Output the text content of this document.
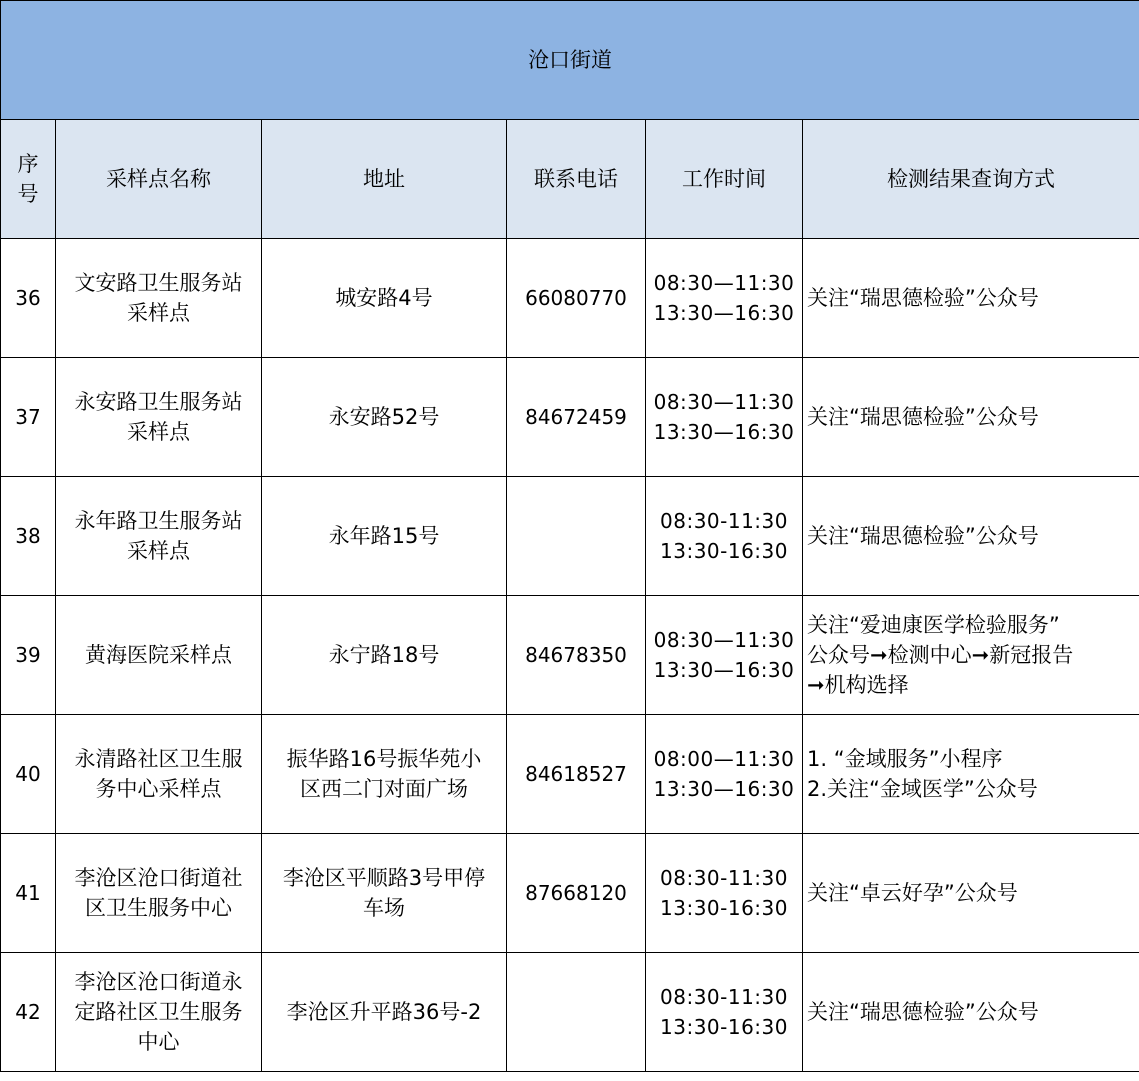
沧口街道					

序号	采样点名称	地址	联系电话	工作时间	检测结果查询方式
36	文安路卫生服务站
采样点	城安路4号	66080770	08:30—11:30
13:30—16:30	关注“瑞思德检验”公众号

37	永安路卫生服务站
采样点	永安路52号	84672459	08:30—11:30
13:30—16:30	关注“瑞思德检验”公众号

38	永年路卫生服务站
采样点	永年路15号		08:30-11:30
13:30-16:30	关注“瑞思德检验”公众号

39	黄海医院采样点	永宁路18号	84678350	08:30—11:30
13:30—16:30	关注“爱迪康医学检验服务”
公众号➞检测中心➞新冠报告
➞机构选择

40	永清路社区卫生服
务中心采样点	振华路16号振华苑小
区西二门对面广场	84618527	08:00—11:30
13:30—16:30	1. “金域服务”小程序
2.关注“金域医学”公众号

41	李沧区沧口街道社
区卫生服务中心	李沧区平顺路3号甲停
车场	87668120	08:30-11:30
13:30-16:30	关注“卓云好孕”公众号

42	李沧区沧口街道永
定路社区卫生服务
中心	李沧区升平路36号-2		08:30-11:30
13:30-16:30	关注“瑞思德检验”公众号
